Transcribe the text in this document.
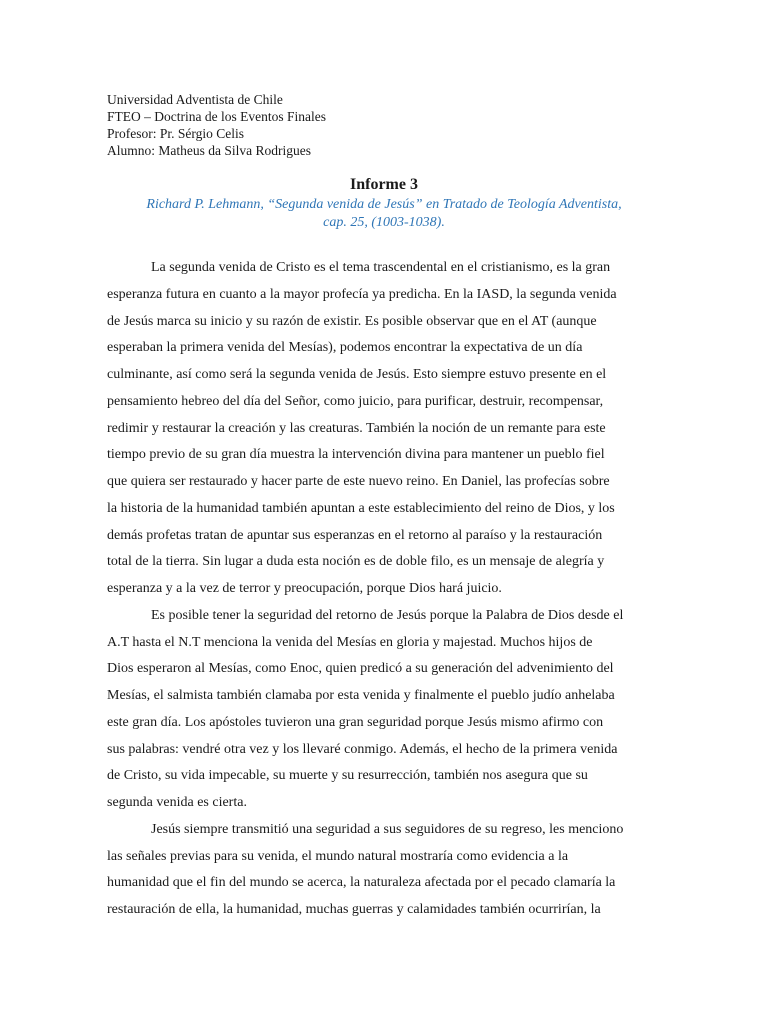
Universidad Adventista de Chile
FTEO – Doctrina de los Eventos Finales
Profesor: Pr. Sérgio Celis
Alumno: Matheus da Silva Rodrigues
Informe 3
Richard P. Lehmann, “Segunda venida de Jesús” en Tratado de Teología Adventista,
cap. 25, (1003-1038).
La segunda venida de Cristo es el tema trascendental en el cristianismo, es la gran
esperanza futura en cuanto a la mayor profecía ya predicha. En la IASD, la segunda venida
de Jesús marca su inicio y su razón de existir. Es posible observar que en el AT (aunque
esperaban la primera venida del Mesías), podemos encontrar la expectativa de un día
culminante, así como será la segunda venida de Jesús. Esto siempre estuvo presente en el
pensamiento hebreo del día del Señor, como juicio, para purificar, destruir, recompensar,
redimir y restaurar la creación y las creaturas. También la noción de un remante para este
tiempo previo de su gran día muestra la intervención divina para mantener un pueblo fiel
que quiera ser restaurado y hacer parte de este nuevo reino. En Daniel, las profecías sobre
la historia de la humanidad también apuntan a este establecimiento del reino de Dios, y los
demás profetas tratan de apuntar sus esperanzas en el retorno al paraíso y la restauración
total de la tierra. Sin lugar a duda esta noción es de doble filo, es un mensaje de alegría y
esperanza y a la vez de terror y preocupación, porque Dios hará juicio.
Es posible tener la seguridad del retorno de Jesús porque la Palabra de Dios desde el
A.T hasta el N.T menciona la venida del Mesías en gloria y majestad. Muchos hijos de
Dios esperaron al Mesías, como Enoc, quien predicó a su generación del advenimiento del
Mesías, el salmista también clamaba por esta venida y finalmente el pueblo judío anhelaba
este gran día. Los apóstoles tuvieron una gran seguridad porque Jesús mismo afirmo con
sus palabras: vendré otra vez y los llevaré conmigo. Además, el hecho de la primera venida
de Cristo, su vida impecable, su muerte y su resurrección, también nos asegura que su
segunda venida es cierta.
Jesús siempre transmitió una seguridad a sus seguidores de su regreso, les menciono
las señales previas para su venida, el mundo natural mostraría como evidencia a la
humanidad que el fin del mundo se acerca, la naturaleza afectada por el pecado clamaría la
restauración de ella, la humanidad, muchas guerras y calamidades también ocurrirían, la
